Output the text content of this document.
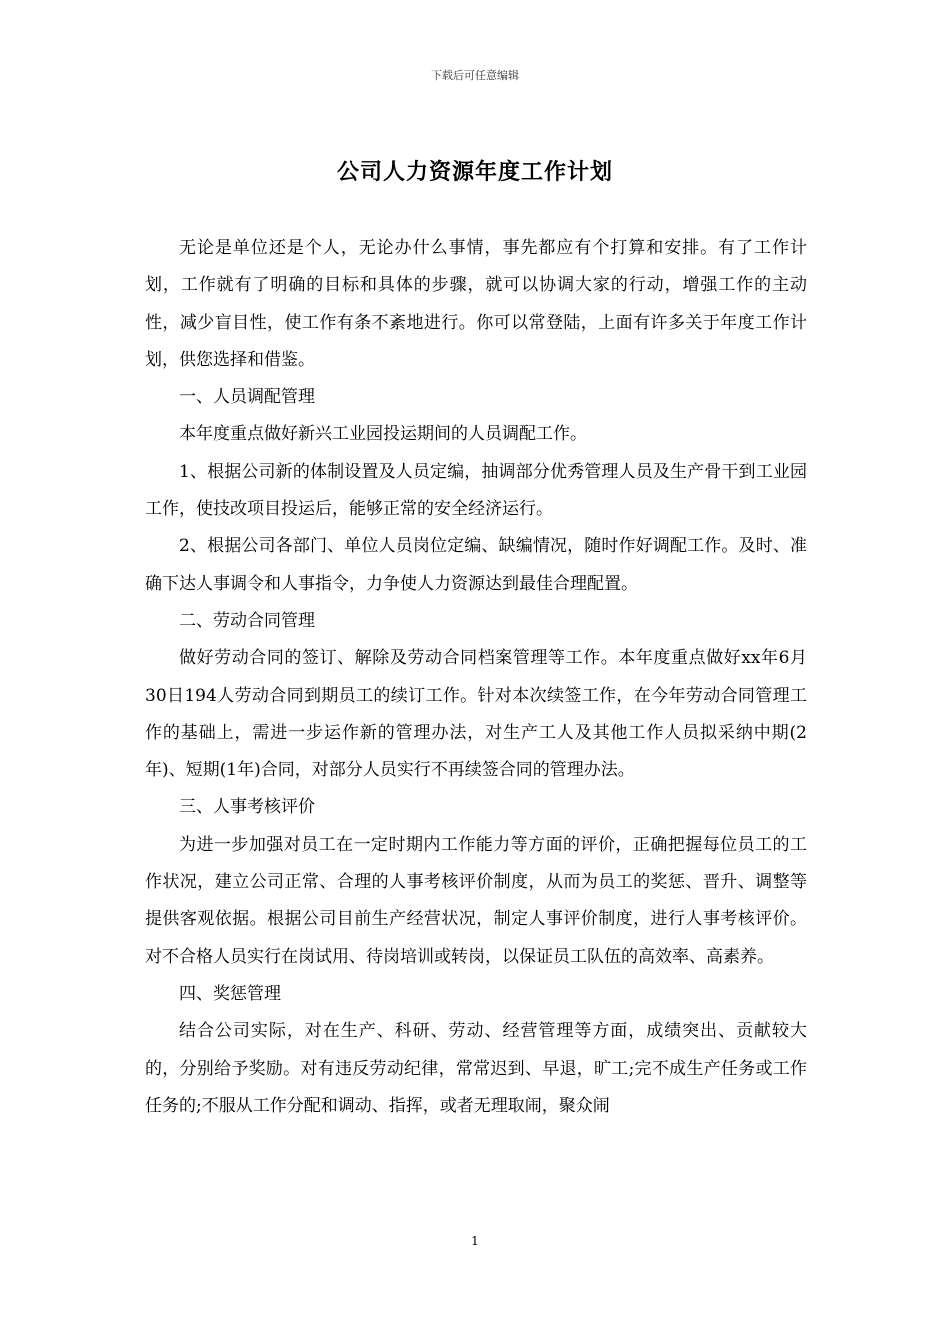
下载后可任意编辑
公司人力资源年度工作计划

无论是单位还是个人，无论办什么事情，事先都应有个打算和安排。有了工作计划，工作就有了明确的目标和具体的步骤，就可以协调大家的行动，增强工作的主动性，减少盲目性，使工作有条不紊地进行。你可以常登陆，上面有许多关于年度工作计划，供您选择和借鉴。

一、人员调配管理

本年度重点做好新兴工业园投运期间的人员调配工作。

1、根据公司新的体制设置及人员定编，抽调部分优秀管理人员及生产骨干到工业园工作，使技改项目投运后，能够正常的安全经济运行。

2、根据公司各部门、单位人员岗位定编、缺编情况，随时作好调配工作。及时、准确下达人事调令和人事指令，力争使人力资源达到最佳合理配置。

二、劳动合同管理

做好劳动合同的签订、解除及劳动合同档案管理等工作。本年度重点做好xx年6月30日194人劳动合同到期员工的续订工作。针对本次续签工作，在今年劳动合同管理工作的基础上，需进一步运作新的管理办法，对生产工人及其他工作人员拟采纳中期(2年)、短期(1年)合同，对部分人员实行不再续签合同的管理办法。

三、人事考核评价

为进一步加强对员工在一定时期内工作能力等方面的评价，正确把握每位员工的工作状况，建立公司正常、合理的人事考核评价制度，从而为员工的奖惩、晋升、调整等提供客观依据。根据公司目前生产经营状况，制定人事评价制度，进行人事考核评价。对不合格人员实行在岗试用、待岗培训或转岗，以保证员工队伍的高效率、高素养。

四、奖惩管理

结合公司实际，对在生产、科研、劳动、经营管理等方面，成绩突出、贡献较大的，分别给予奖励。对有违反劳动纪律，常常迟到、早退，旷工;完不成生产任务或工作任务的;不服从工作分配和调动、指挥，或者无理取闹，聚众闹

1
